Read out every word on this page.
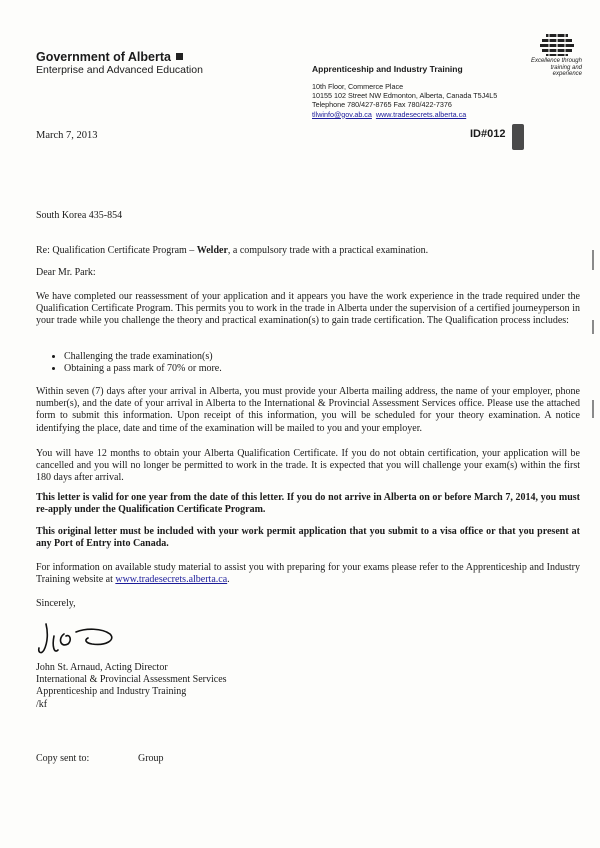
Government of Alberta
Enterprise and Advanced Education	Apprenticeship and Industry Training
10th Floor, Commerce Place
10155 102 Street NW Edmonton, Alberta, Canada T5J4L5
Telephone 780/427-8765 Fax 780/422-7376
tllwinfo@gov.ab.ca www.tradesecrets.alberta.ca
Excellence through training and experience
March 7, 2013	ID#012
South Korea 435-854
Re: Qualification Certificate Program – Welder, a compulsory trade with a practical examination.
Dear Mr. Park:

We have completed our reassessment of your application and it appears you have the work experience in the trade required under the Qualification Certificate Program. This permits you to work in the trade in Alberta under the supervision of a certified journeyperson in your trade while you challenge the theory and practical examination(s) to gain trade certification. The Qualification process includes:

• Challenging the trade examination(s)
• Obtaining a pass mark of 70% or more.

Within seven (7) days after your arrival in Alberta, you must provide your Alberta mailing address, the name of your employer, phone number(s), and the date of your arrival in Alberta to the International & Provincial Assessment Services office. Please use the attached form to submit this information. Upon receipt of this information, you will be scheduled for your theory examination. A notice identifying the place, date and time of the examination will be mailed to you and your employer.

You will have 12 months to obtain your Alberta Qualification Certificate. If you do not obtain certification, your application will be cancelled and you will no longer be permitted to work in the trade. It is expected that you will challenge your exam(s) within the first 180 days after arrival.

This letter is valid for one year from the date of this letter. If you do not arrive in Alberta on or before March 7, 2014, you must re-apply under the Qualification Certificate Program.

This original letter must be included with your work permit application that you submit to a visa office or that you present at any Port of Entry into Canada.

For information on available study material to assist you with preparing for your exams please refer to the Apprenticeship and Industry Training website at www.tradesecrets.alberta.ca.

Sincerely,
John St. Arnaud, Acting Director
International & Provincial Assessment Services
Apprenticeship and Industry Training
/kf
Copy sent to:	Group
